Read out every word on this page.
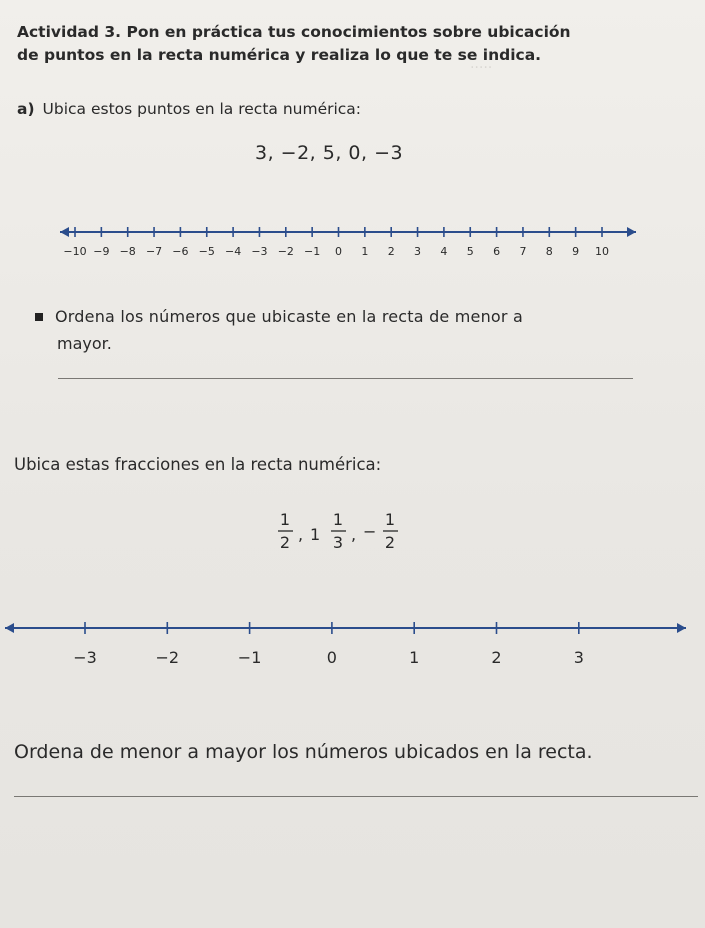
·····
Actividad 3. Pon en práctica tus conocimientos sobre ubicación
de puntos en la recta numérica y realiza lo que te se indica.
a) Ubica estos puntos en la recta numérica:
3, −2, 5, 0, −3
−10 −9 −8 −7 −6 −5 −4 −3 −2 −1 0 1 2 3 4 5 6 7 8 9 10
Ordena los números que ubicaste en la recta de menor a
mayor.
Ubica estas fracciones en la recta numérica:
1
2 , 1
1
3 , −
1
2
−3	−2	−1	0	1	2	3
Ordena de menor a mayor los números ubicados en la recta.
